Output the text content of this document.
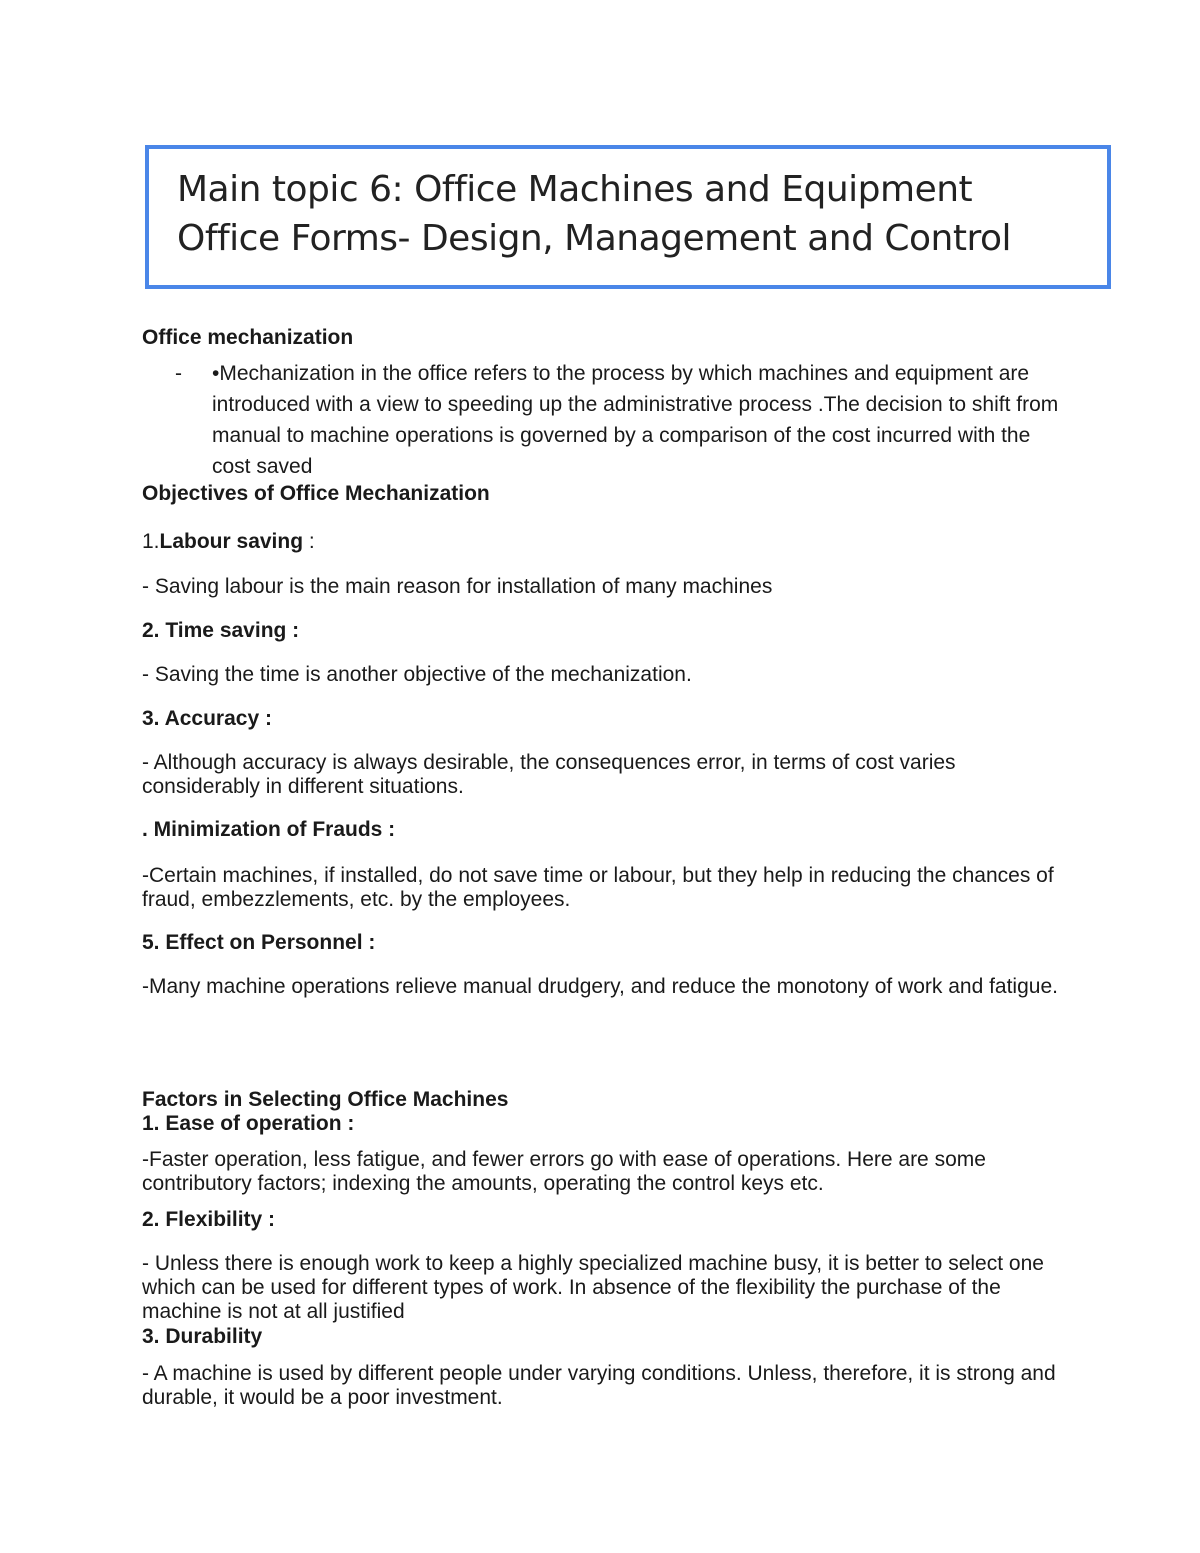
Main topic 6: Office Machines and Equipment
Office Forms- Design, Management and Control
Office mechanization
- •Mechanization in the office refers to the process by which machines and equipment are introduced with a view to speeding up the administrative process .The decision to shift from manual to machine operations is governed by a comparison of the cost incurred with the cost saved
Objectives of Office Mechanization
1.Labour saving :
- Saving labour is the main reason for installation of many machines
2. Time saving :
- Saving the time is another objective of the mechanization.
3. Accuracy :
- Although accuracy is always desirable, the consequences error, in terms of cost varies considerably in different situations.
. Minimization of Frauds :
-Certain machines, if installed, do not save time or labour, but they help in reducing the chances of fraud, embezzlements, etc. by the employees.
5. Effect on Personnel :
-Many machine operations relieve manual drudgery, and reduce the monotony of work and fatigue.
Factors in Selecting Office Machines
1. Ease of operation :
-Faster operation, less fatigue, and fewer errors go with ease of operations. Here are some contributory factors; indexing the amounts, operating the control keys etc.
2. Flexibility :
- Unless there is enough work to keep a highly specialized machine busy, it is better to select one which can be used for different types of work. In absence of the flexibility the purchase of the machine is not at all justified
3. Durability
- A machine is used by different people under varying conditions. Unless, therefore, it is strong and durable, it would be a poor investment.
